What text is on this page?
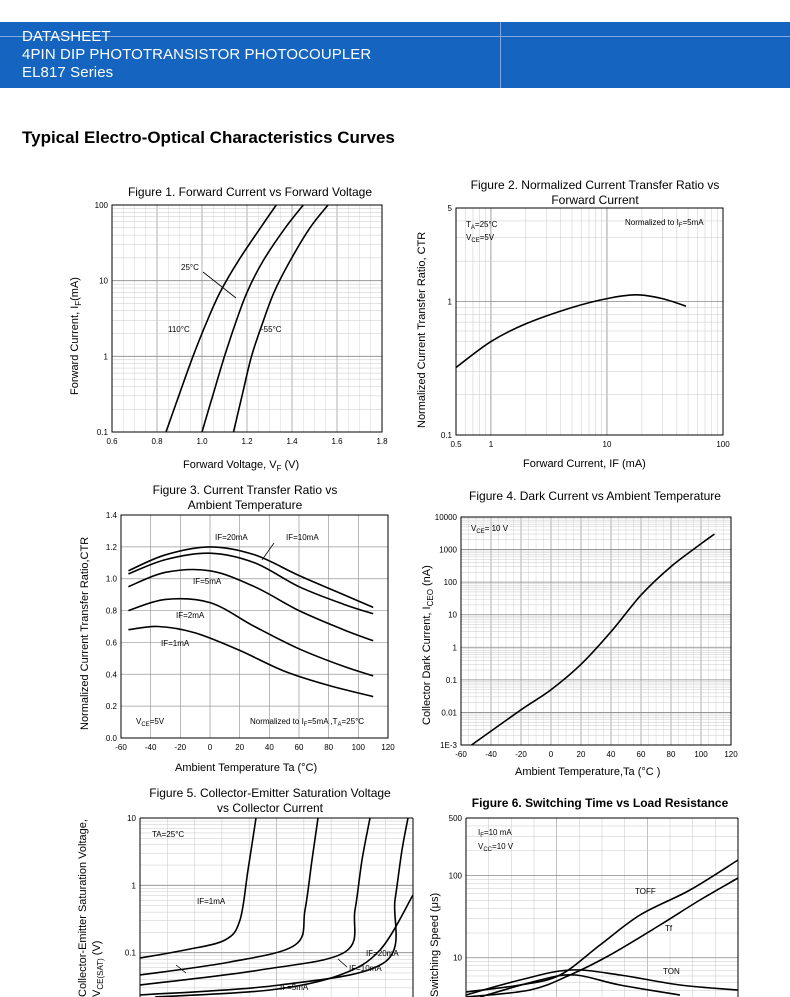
DATASHEET
4PIN DIP PHOTOTRANSISTOR PHOTOCOUPLER
EL817 Series
Typical Electro-Optical Characteristics Curves
Figure 1. Forward Current vs Forward Voltage	Figure 2. Normalized Current Transfer Ratio vs
Forward Current
Figure 3. Current Transfer Ratio vs
Ambient Temperature
Figure 4. Dark Current vs Ambient Temperature
Figure 5. Collector-Emitter Saturation Voltage
vs Collector Current	Figure 6. Switching Time vs Load Resistance
0.6	0.8	1.0	1.2	1.4	1.6	1.8
0.1
1
10
100
Forward Voltage, $V_F$ (V)
Forward Current, $I_F(mA)$
25°C
110°C	-55°C
0.5	1	10	100
0.1
1
5
Forward Current, IF (mA)
Normalized Current Transfer Ratio, CTR
$T_A=25^\circ C$
$V_{CE}=5V$
Normalized to $I_F=5mA$
-60 -40 -20	0	20	40	60	80 100 120
0.0
0.2
0.4
0.6
0.8
1.0
1.2
1.4
Ambient Temperature Ta (°C)
Normalized Current Transfer Ratio,CTR	$V_{CE}=5V$	Normalized to $I_F=5mA$ $,T_A=25^\circ C$
IF=20mA	IF=10mA
IF=5mA
IF=2mA
IF=1mA
-60 -40 -20	0	20	40	60	80 100 120
1E-3
0.01
0.1
1
10
100
1000
10000
Ambient Temperature,Ta (°C )
Collector Dark Current, $I_{CEO}$ (nA)
$V_{CE}= 10$ V
0.1
1
10
Collector-Emitter Saturation Voltage, $V_{CE(SAT)}$ (V)
TA=25°C
IF=1mA
IF=20mA
IF=10mA
IF=5mA
10
100
500
Switching Speed (μs)
$I_F=10$ mA
$V_{CC}=10$ V
TOFF
Tf
TON
